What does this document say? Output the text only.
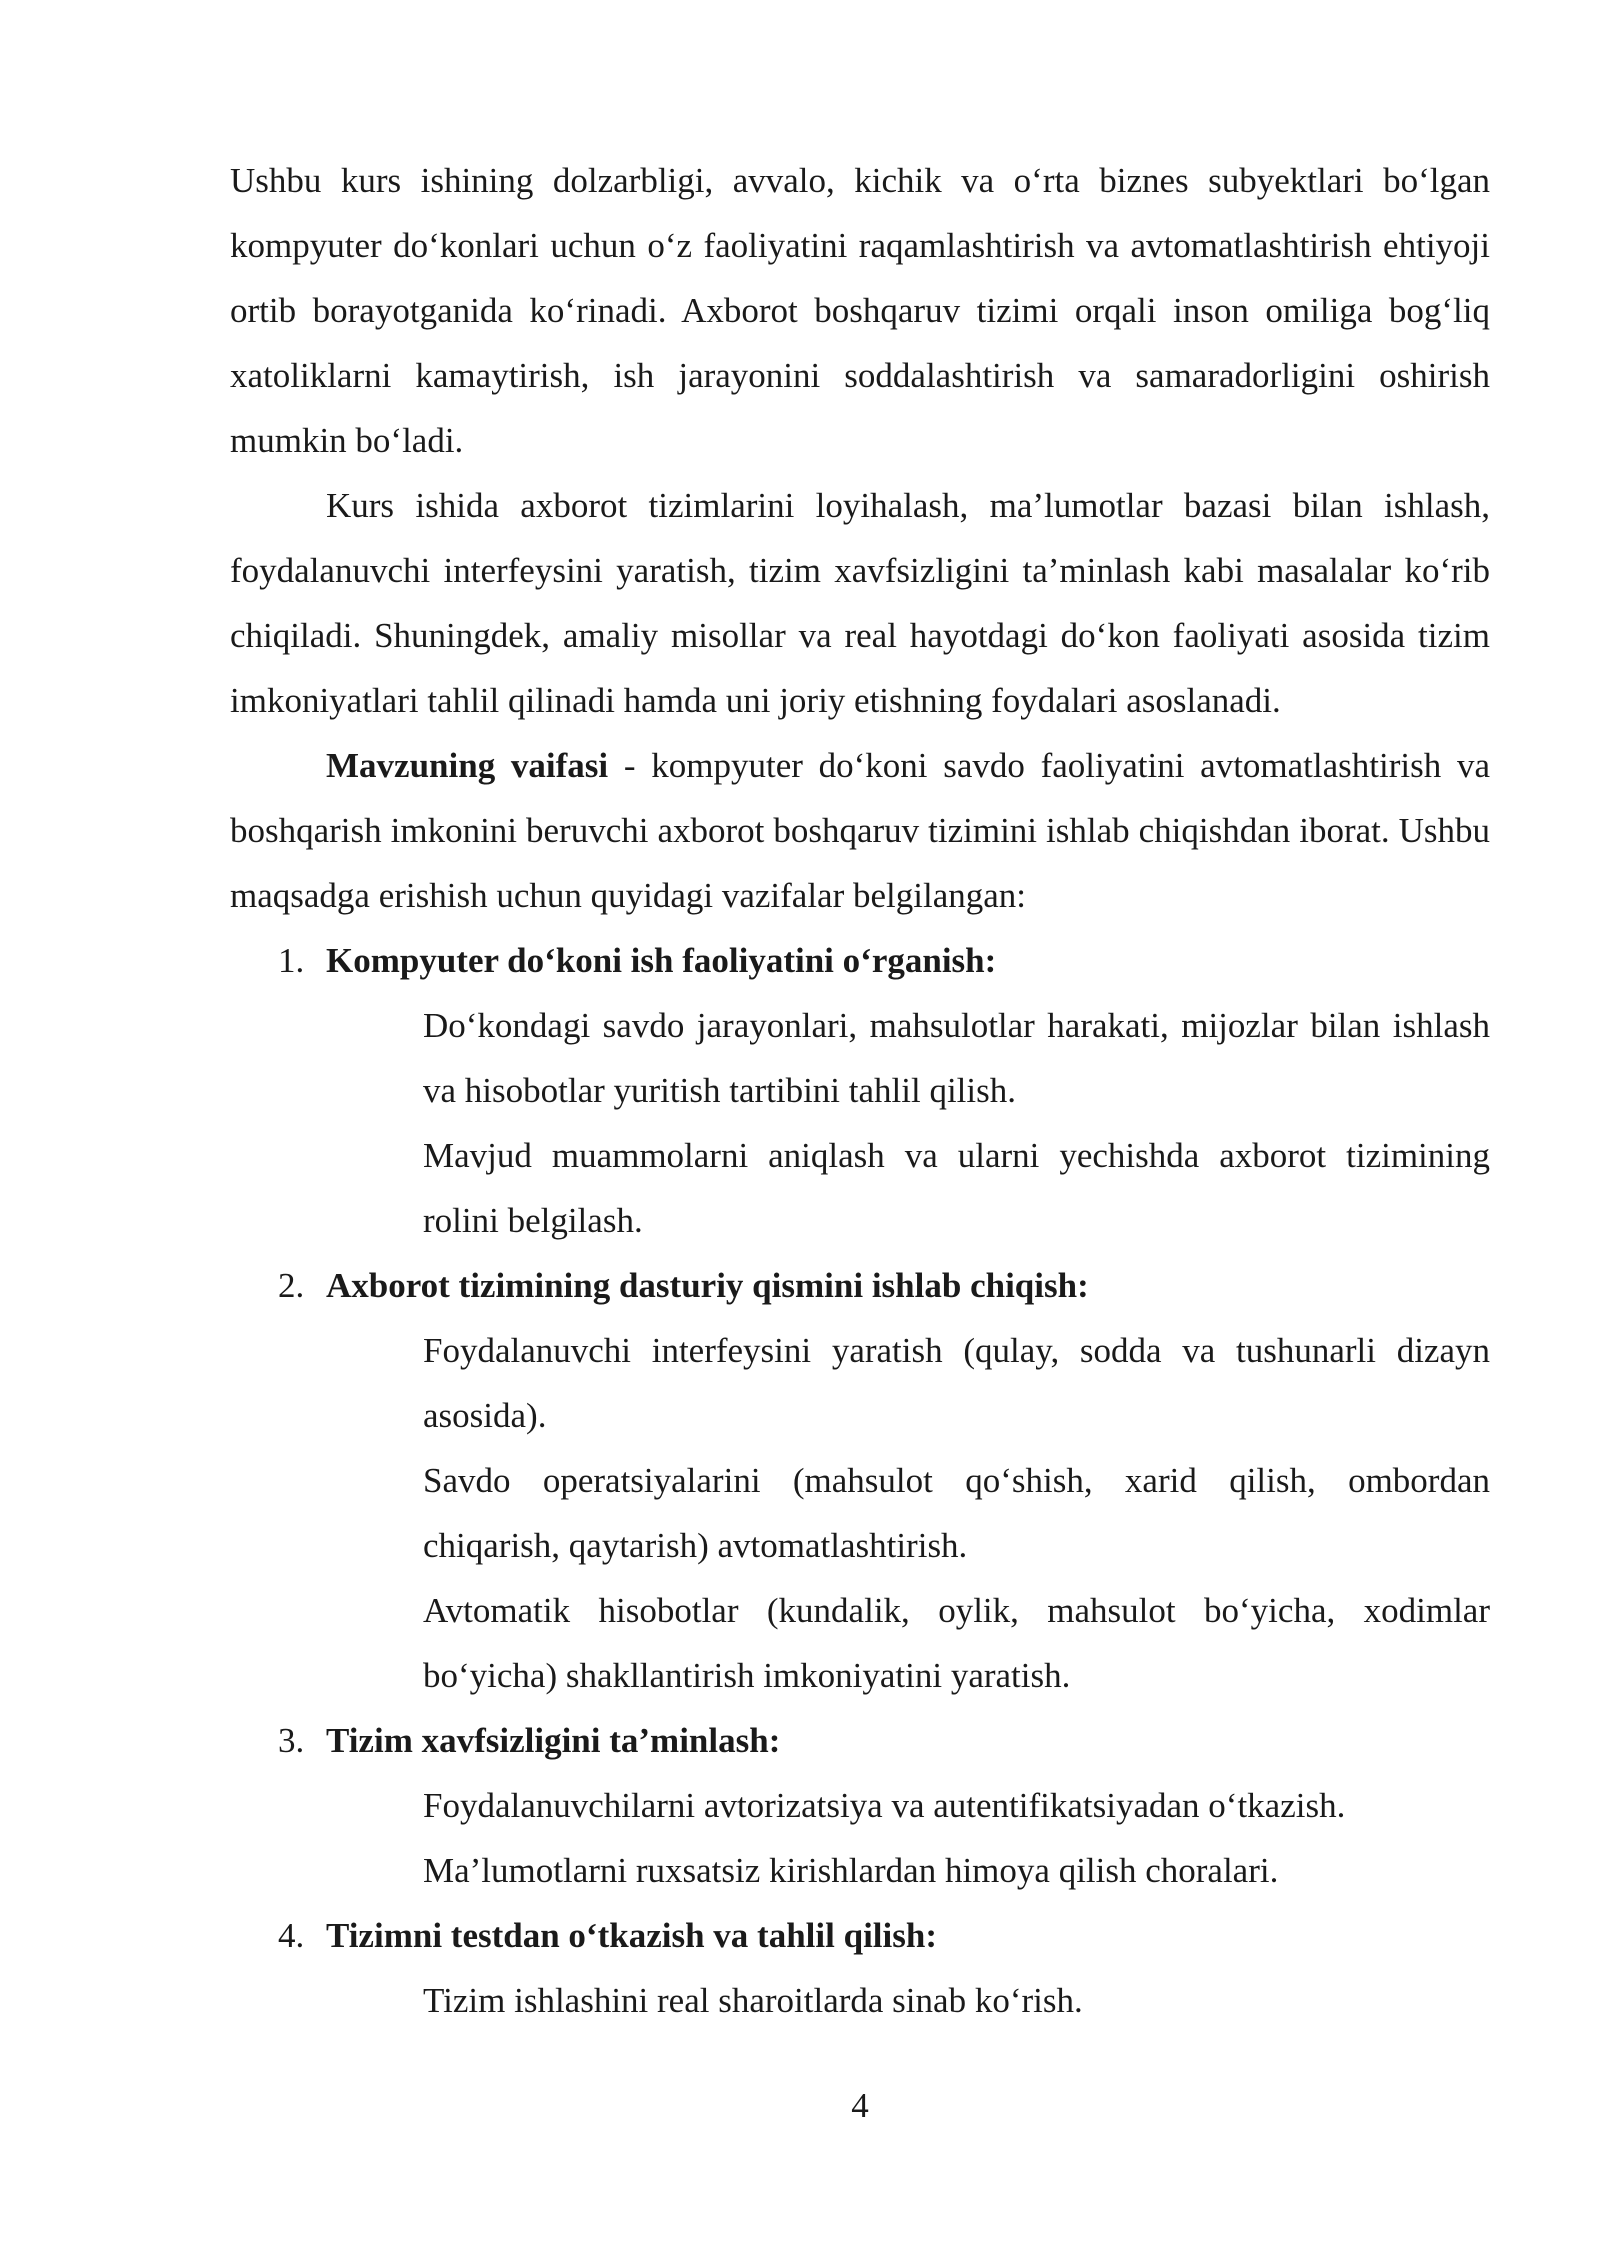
Ushbu kurs ishining dolzarbligi, avvalo, kichik va o‘rta biznes subyektlari bo‘lgan kompyuter do‘konlari uchun o‘z faoliyatini raqamlashtirish va avtomatlashtirish ehtiyoji ortib borayotganida ko‘rinadi. Axborot boshqaruv tizimi orqali inson omiliga bog‘liq xatoliklarni kamaytirish, ish jarayonini soddalashtirish va samaradorligini oshirish mumkin bo‘ladi.

Kurs ishida axborot tizimlarini loyihalash, ma’lumotlar bazasi bilan ishlash, foydalanuvchi interfeysini yaratish, tizim xavfsizligini ta’minlash kabi masalalar ko‘rib chiqiladi. Shuningdek, amaliy misollar va real hayotdagi do‘kon faoliyati asosida tizim imkoniyatlari tahlil qilinadi hamda uni joriy etishning foydalari asoslanadi.

Mavzuning vaifasi - kompyuter do‘koni savdo faoliyatini avtomatlashtirish va boshqarish imkonini beruvchi axborot boshqaruv tizimini ishlab chiqishdan iborat. Ushbu maqsadga erishish uchun quyidagi vazifalar belgilangan:

1. Kompyuter do‘koni ish faoliyatini o‘rganish:

Do‘kondagi savdo jarayonlari, mahsulotlar harakati, mijozlar bilan ishlash va hisobotlar yuritish tartibini tahlil qilish.

Mavjud muammolarni aniqlash va ularni yechishda axborot tizimining rolini belgilash.

2. Axborot tizimining dasturiy qismini ishlab chiqish:

Foydalanuvchi interfeysini yaratish (qulay, sodda va tushunarli dizayn asosida).

Savdo operatsiyalarini (mahsulot qo‘shish, xarid qilish, ombordan chiqarish, qaytarish) avtomatlashtirish.

Avtomatik hisobotlar (kundalik, oylik, mahsulot bo‘yicha, xodimlar bo‘yicha) shakllantirish imkoniyatini yaratish.

3. Tizim xavfsizligini ta’minlash:

Foydalanuvchilarni avtorizatsiya va autentifikatsiyadan o‘tkazish.

Ma’lumotlarni ruxsatsiz kirishlardan himoya qilish choralari.

4. Tizimni testdan o‘tkazish va tahlil qilish:

Tizim ishlashini real sharoitlarda sinab ko‘rish.

4
